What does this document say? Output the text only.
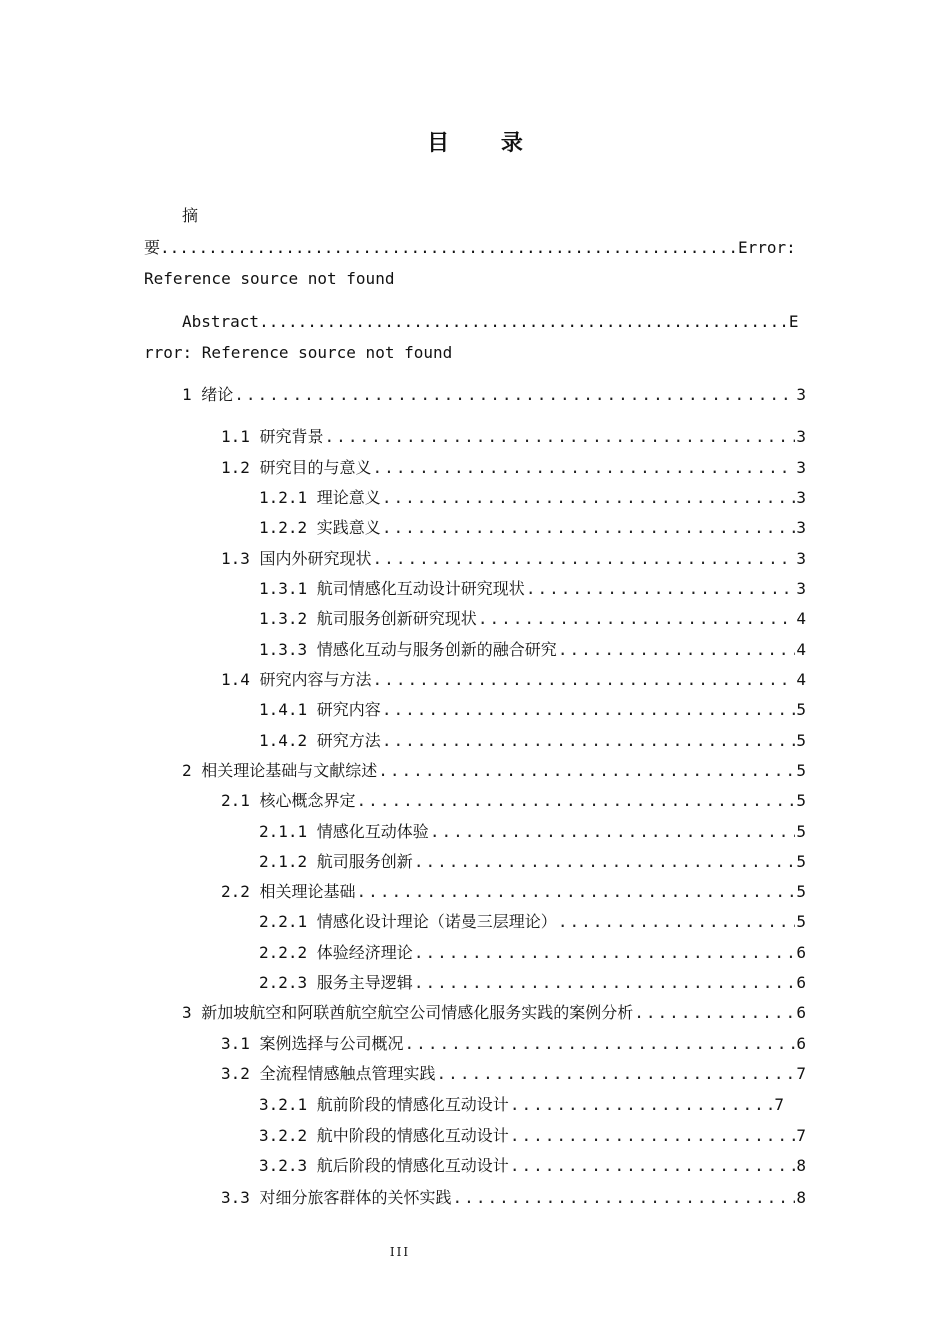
目 录
摘
要............................................................Error:
Reference source not found
Abstract.......................................................E
rror: Reference source not found
1 绪论 .....	3
1.1 研究背景 .....	3
1.2 研究目的与意义 .....	3
1.2.1 理论意义 .....	3
1.2.2 实践意义 .....	3
1.3 国内外研究现状 .....	3
1.3.1 航司情感化互动设计研究现状 .....	3
1.3.2 航司服务创新研究现状 .....	4
1.3.3 情感化互动与服务创新的融合研究 .....	4
1.4 研究内容与方法 .....	4
1.4.1 研究内容 .....	5
1.4.2 研究方法 .....	5
2 相关理论基础与文献综述 .....	5
2.1 核心概念界定 .....	5
2.1.1 情感化互动体验 .....	5
2.1.2 航司服务创新 .....	5
2.2 相关理论基础 .....	5
2.2.1 情感化设计理论（诺曼三层理论） .....	5
2.2.2 体验经济理论 .....	6
2.2.3 服务主导逻辑 .....	6
3 新加坡航空和阿联酋航空航空公司情感化服务实践的案例分析 .....	6
3.1 案例选择与公司概况 .....	6
3.2 全流程情感触点管理实践 .....	7
3.2.1 航前阶段的情感化互动设计 .....	7
3.2.2 航中阶段的情感化互动设计 .....	7
3.2.3 航后阶段的情感化互动设计 .....	8
3.3 对细分旅客群体的关怀实践 .....	8
III
